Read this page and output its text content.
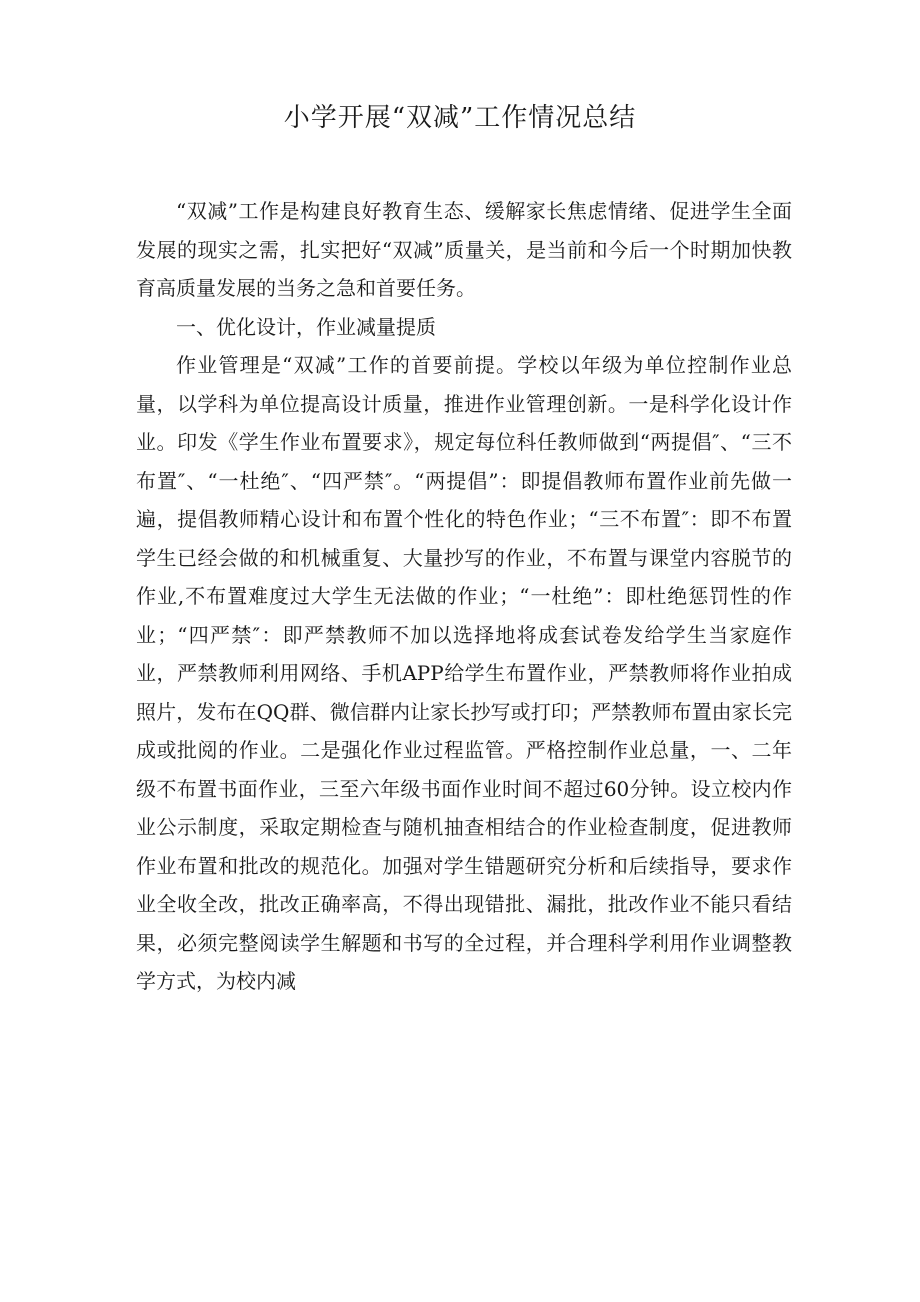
小学开展“双减”工作情况总结

“双减”工作是构建良好教育生态、缓解家长焦虑情绪、促进学生全面发展的现实之需，扎实把好“双减”质量关，是当前和今后一个时期加快教育高质量发展的当务之急和首要任务。

一、优化设计，作业减量提质

作业管理是“双减”工作的首要前提。学校以年级为单位控制作业总量，以学科为单位提高设计质量，推进作业管理创新。一是科学化设计作业。印发《学生作业布置要求》，规定每位科任教师做到“两提倡″、“三不布置″、“一杜绝″、“四严禁″。“两提倡”：即提倡教师布置作业前先做一遍，提倡教师精心设计和布置个性化的特色作业；“三不布置″：即不布置学生已经会做的和机械重复、大量抄写的作业，不布置与课堂内容脱节的作业,不布置难度过大学生无法做的作业；“一杜绝”：即杜绝惩罚性的作业；“四严禁″：即严禁教师不加以选择地将成套试卷发给学生当家庭作业，严禁教师利用网络、手机APP给学生布置作业，严禁教师将作业拍成照片，发布在QQ群、微信群内让家长抄写或打印；严禁教师布置由家长完成或批阅的作业。二是强化作业过程监管。严格控制作业总量，一、二年级不布置书面作业，三至六年级书面作业时间不超过60分钟。设立校内作业公示制度，采取定期检查与随机抽查相结合的作业检查制度，促进教师作业布置和批改的规范化。加强对学生错题研究分析和后续指导，要求作业全收全改，批改正确率高，不得出现错批、漏批，批改作业不能只看结果，必须完整阅读学生解题和书写的全过程，并合理科学利用作业调整教学方式，为校内减
